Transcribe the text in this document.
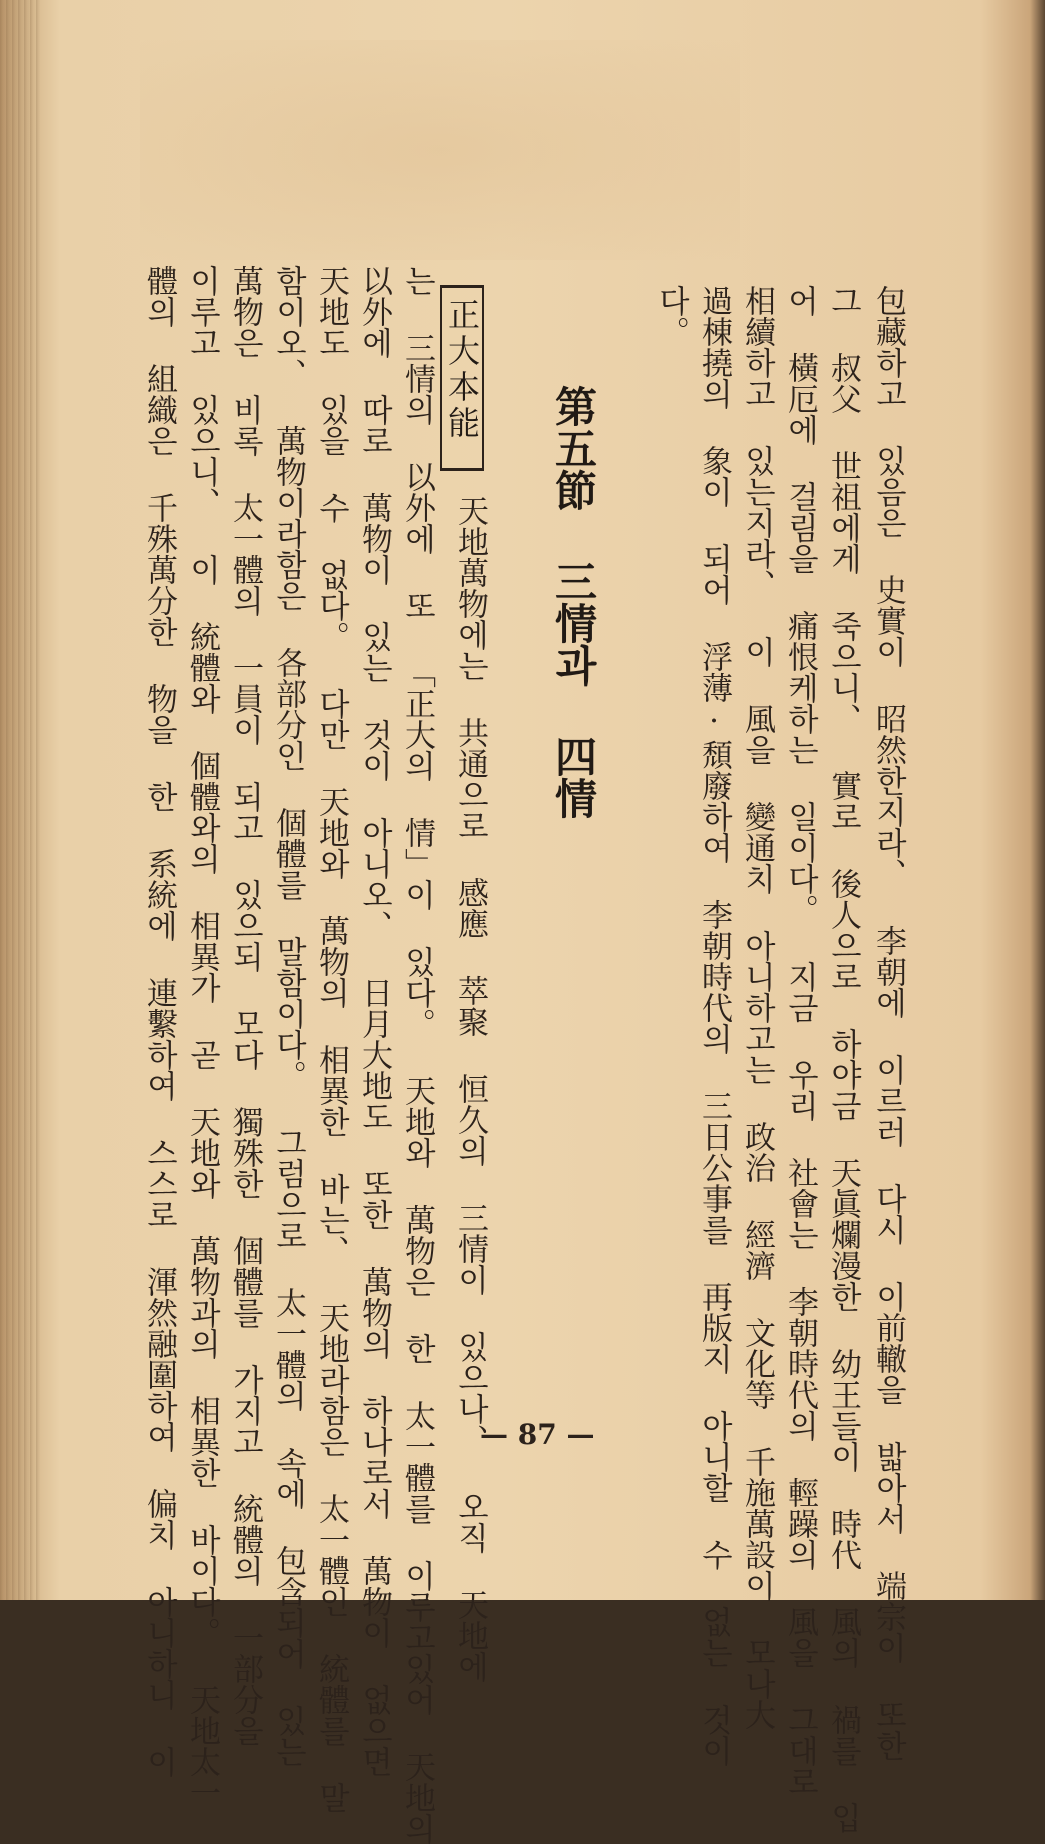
包藏하고 있음은 史實이 昭然한지라、 李朝에 이르러 다시 이前轍을 밟아서 端宗이 또한
그 叔父 世祖에게 죽으니、 實로 後人으로 하야금 天眞爛漫한 幼王들이 時代 風의 禍를 입
어 橫厄에 걸림을 痛恨케하는 일이다。 지금 우리 社會는 李朝時代의 輕躁의 風을 그대로
相續하고 있는지라、 이 風을 變通치 아니하고는 政治 經濟 文化等 千施萬設이 모나大
過棟撓의 象이 되어 浮薄·頹廢하여 李朝時代의 三日公事를 再版지 아니할 수 없는 것이
다。
第五節 三情과 四情
正大本能
天地萬物에는 共通으로 感應 萃聚 恒久의 三情이 있으나、 오직 天地에
는 三情의 以外에 또 「正大의 情」이 있다。 天地와 萬物은 한 太一體를 이루고있어 天地의
以外에 따로 萬物이 있는 것이 아니오、 日月大地도 또한 萬物의 하나로서 萬物이 없으면
天地도 있을 수 없다。 다만 天地와 萬物의 相異한 바는、 天地라함은 太一體인 統體를 말
함이오、 萬物이라함은 各部分인 個體를 말함이다。 그럼으로 太一體의 속에 包含되어 있는
萬物은 비록 太一體의 一員이 되고 있으되 모다 獨殊한 個體를 가지고 統體의 一部分을
이루고 있으니、 이 統體와 個體와의 相異가 곧 天地와 萬物과의 相異한 바이다。 天地太一
體의 組織은 千殊萬分한 物을 한 系統에 連繫하여 스스로 渾然融圍하여 偏치 아니하니 이	— 87 —
